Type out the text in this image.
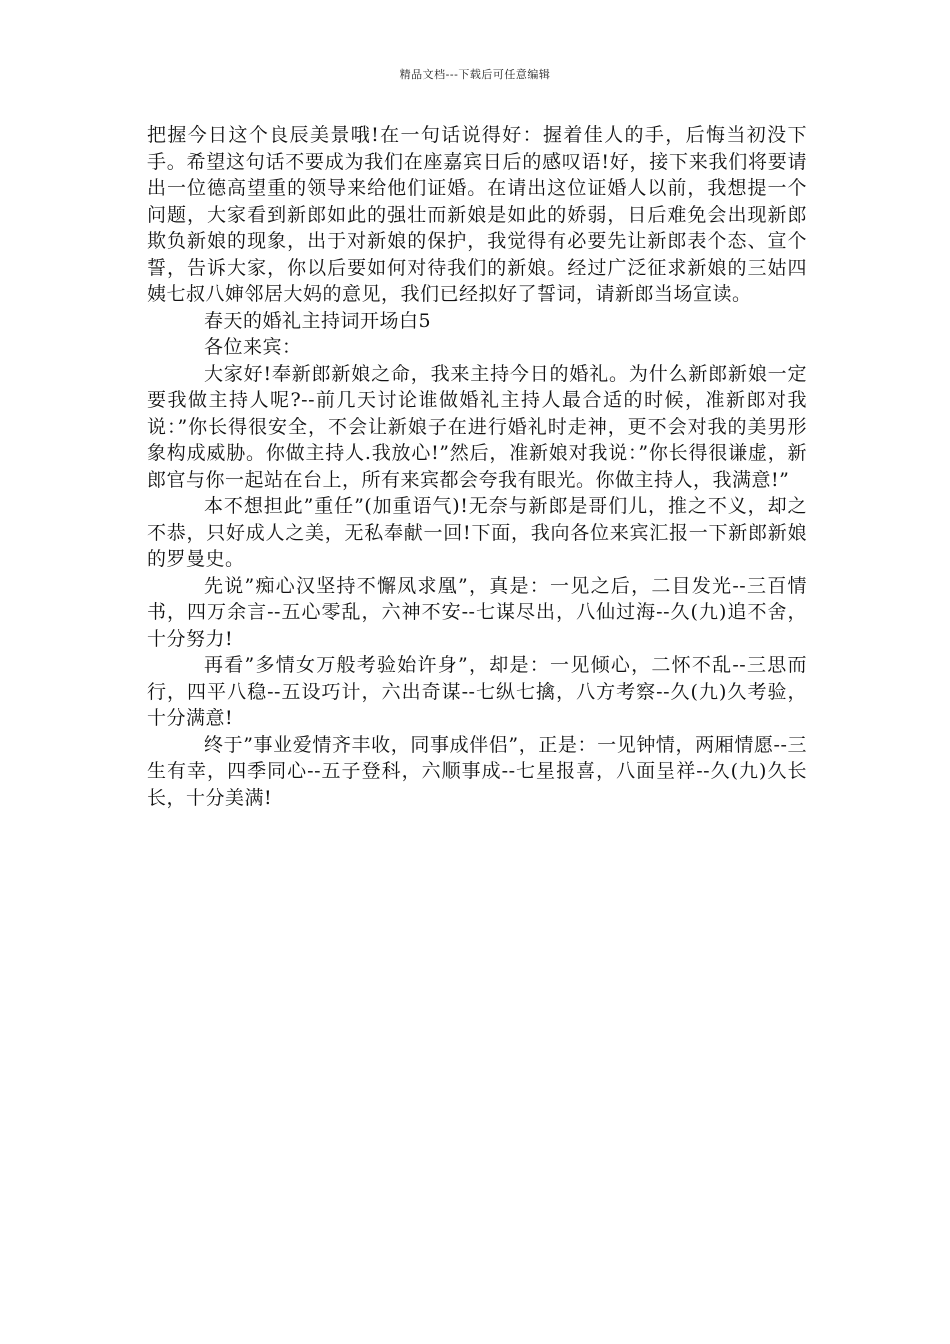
精品文档---下载后可任意编辑

把握今日这个良辰美景哦!在一句话说得好：握着佳人的手，后悔当初没下手。希望这句话不要成为我们在座嘉宾日后的感叹语!好，接下来我们将要请出一位德高望重的领导来给他们证婚。在请出这位证婚人以前，我想提一个问题，大家看到新郎如此的强壮而新娘是如此的娇弱，日后难免会出现新郎欺负新娘的现象，出于对新娘的保护，我觉得有必要先让新郎表个态、宣个誓，告诉大家，你以后要如何对待我们的新娘。经过广泛征求新娘的三姑四姨七叔八婶邻居大妈的意见，我们已经拟好了誓词，请新郎当场宣读。

春天的婚礼主持词开场白5

各位来宾：

大家好!奉新郎新娘之命，我来主持今日的婚礼。为什么新郎新娘一定要我做主持人呢?--前几天讨论谁做婚礼主持人最合适的时候，准新郎对我说：”你长得很安全，不会让新娘子在进行婚礼时走神，更不会对我的美男形象构成威胁。你做主持人.我放心!”然后，准新娘对我说：”你长得很谦虚，新郎官与你一起站在台上，所有来宾都会夸我有眼光。你做主持人，我满意!”

本不想担此”重任”(加重语气)!无奈与新郎是哥们儿，推之不义，却之不恭，只好成人之美，无私奉献一回!下面，我向各位来宾汇报一下新郎新娘的罗曼史。

先说”痴心汉坚持不懈凤求凰”，真是：一见之后，二目发光--三百情书，四万余言--五心零乱，六神不安--七谋尽出，八仙过海--久(九)追不舍，十分努力!

再看”多情女万般考验始许身”，却是：一见倾心，二怀不乱--三思而行，四平八稳--五设巧计，六出奇谋--七纵七擒，八方考察--久(九)久考验，十分满意!

终于”事业爱情齐丰收，同事成伴侣”，正是：一见钟情，两厢情愿--三生有幸，四季同心--五子登科，六顺事成--七星报喜，八面呈祥--久(九)久长长，十分美满!
